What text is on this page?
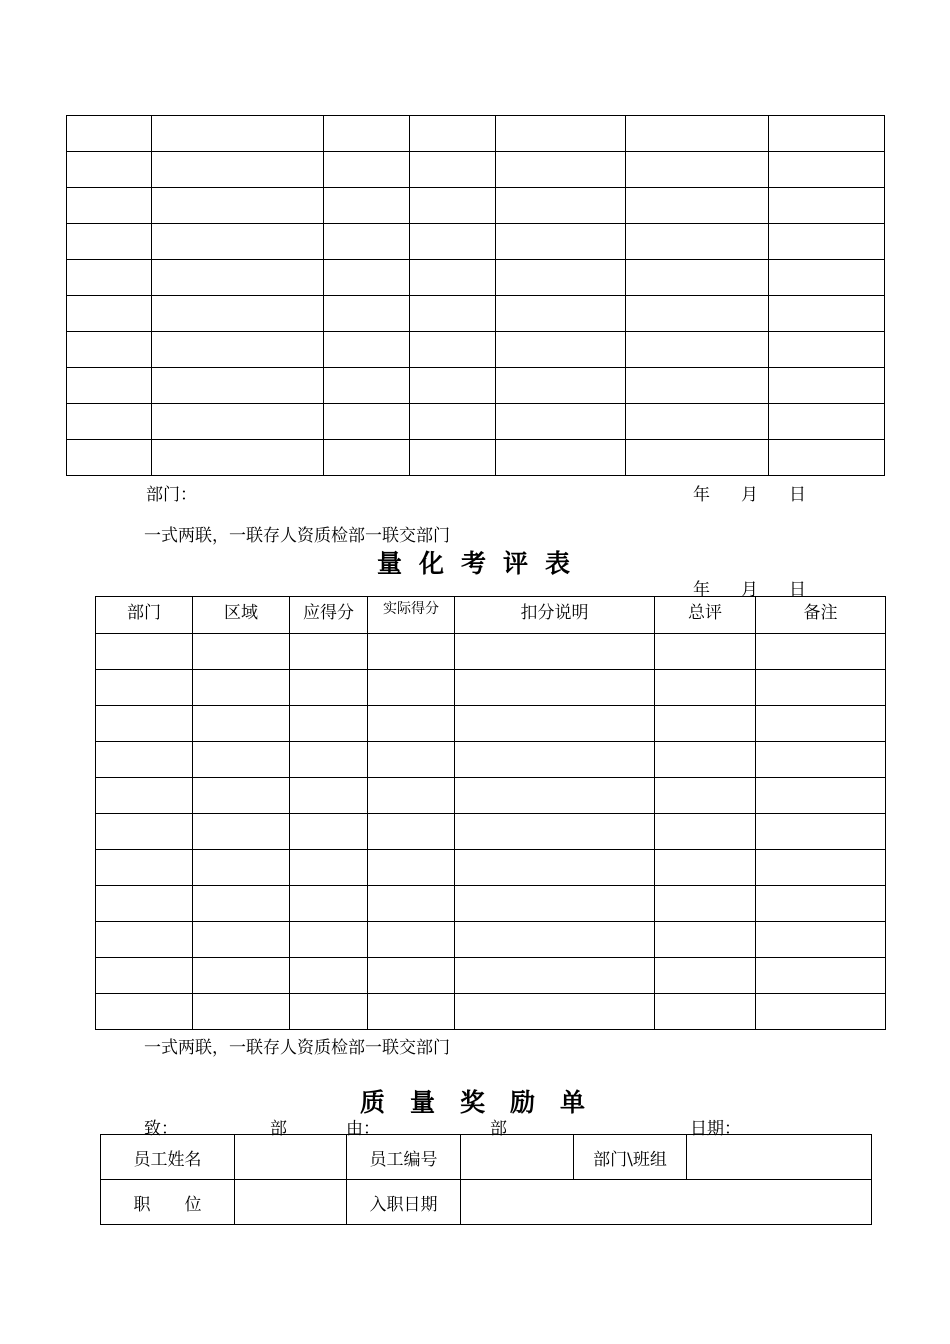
部门：	年 月 日
一式两联，一联存人资质检部一联交部门
量化考评表
年 月 日
部门	区域	应得分	实际得分	扣分说明	总评	备注

一式两联，一联存人资质检部一联交部门
质量奖励单
致：	部	由：	部	日期：
员工姓名		员工编号		部门\班组	
职　　位		入职日期			
